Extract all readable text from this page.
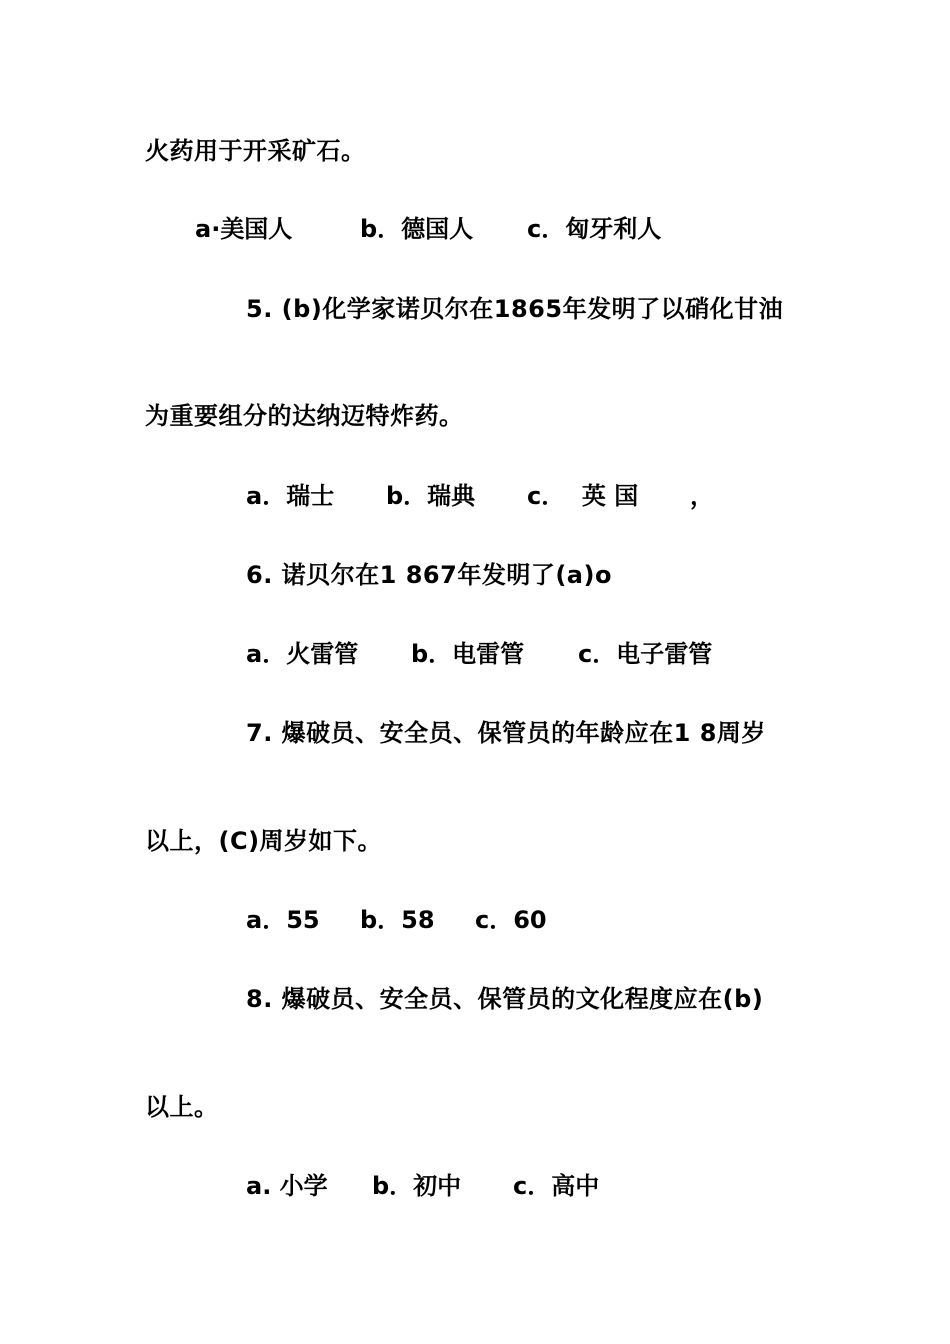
火药用于开采矿石。
a·美国人	b．德国人 c．匈牙利人
5. (b)化学家诺贝尔在1865年发明了以硝化甘油
为重要组分的达纳迈特炸药。
a．瑞士 b．瑞典 c．  英 国 ，
6. 诺贝尔在1 867年发明了(a)o
a．火雷管 b．电雷管 c．电子雷管
7. 爆破员、安全员、保管员的年龄应在1 8周岁
以上，(C)周岁如下。
a．55 b．58 c．60
8. 爆破员、安全员、保管员的文化程度应在(b)
以上。
a. 小学 b．初中 c．高中
